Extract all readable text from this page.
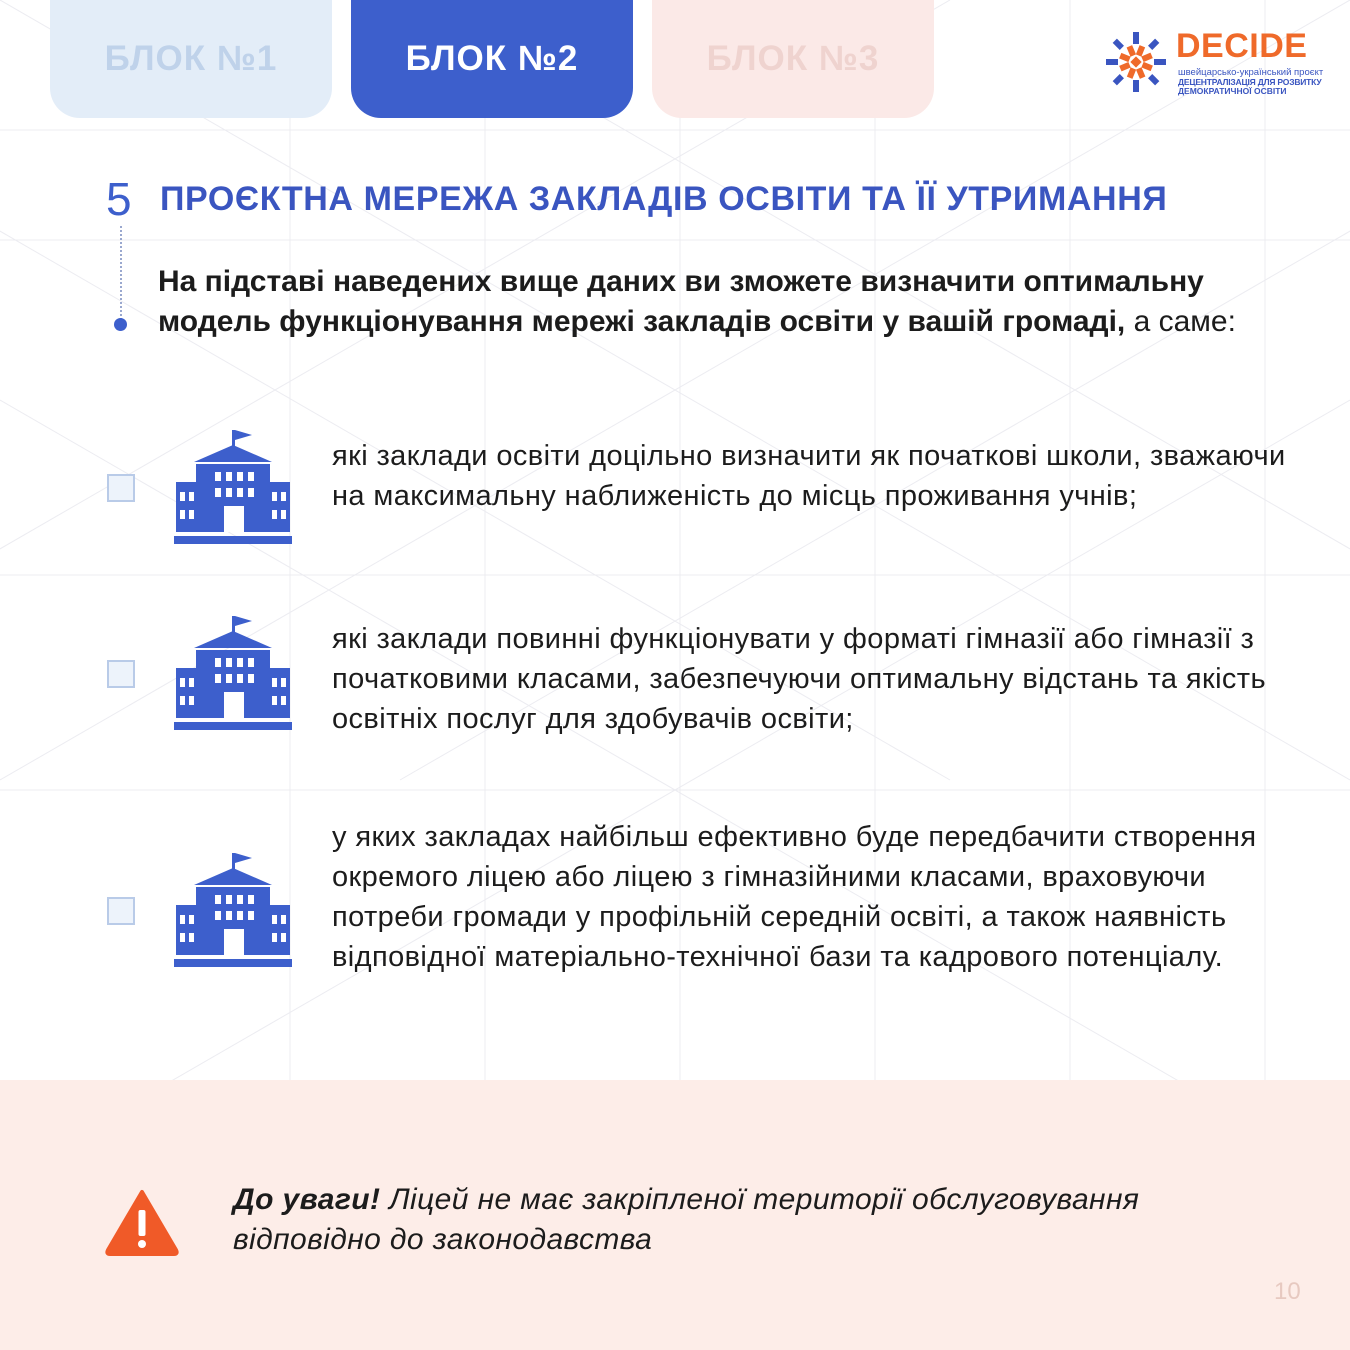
БЛОК №1	БЛОК №2	БЛОК №3	DECIDE
швейцарсько-український проєкт
ДЕЦЕНТРАЛІЗАЦІЯ ДЛЯ РОЗВИТКУ
ДЕМОКРАТИЧНОЇ ОСВІТИ
5 ПРОЄКТНА МЕРЕЖА ЗАКЛАДІВ ОСВІТИ ТА ЇЇ УТРИМАННЯ
На підставі наведених вище даних ви зможете визначити оптимальну модель функціонування мережі закладів освіти у вашій громаді, а саме:
які заклади освіти доцільно визначити як початкові школи, зважаючи на максимальну наближеність до місць проживання учнів;
які заклади повинні функціонувати у форматі гімназії або гімназії з початковими класами, забезпечуючи оптимальну відстань та якість освітніх послуг для здобувачів освіти;
у яких закладах найбільш ефективно буде передбачити створення окремого ліцею або ліцею з гімназійними класами, враховуючи потреби громади у профільній середній освіті, а також наявність відповідної матеріально-технічної бази та кадрового потенціалу.
До уваги! Ліцей не має закріпленої території обслуговування відповідно до законодавства
10
